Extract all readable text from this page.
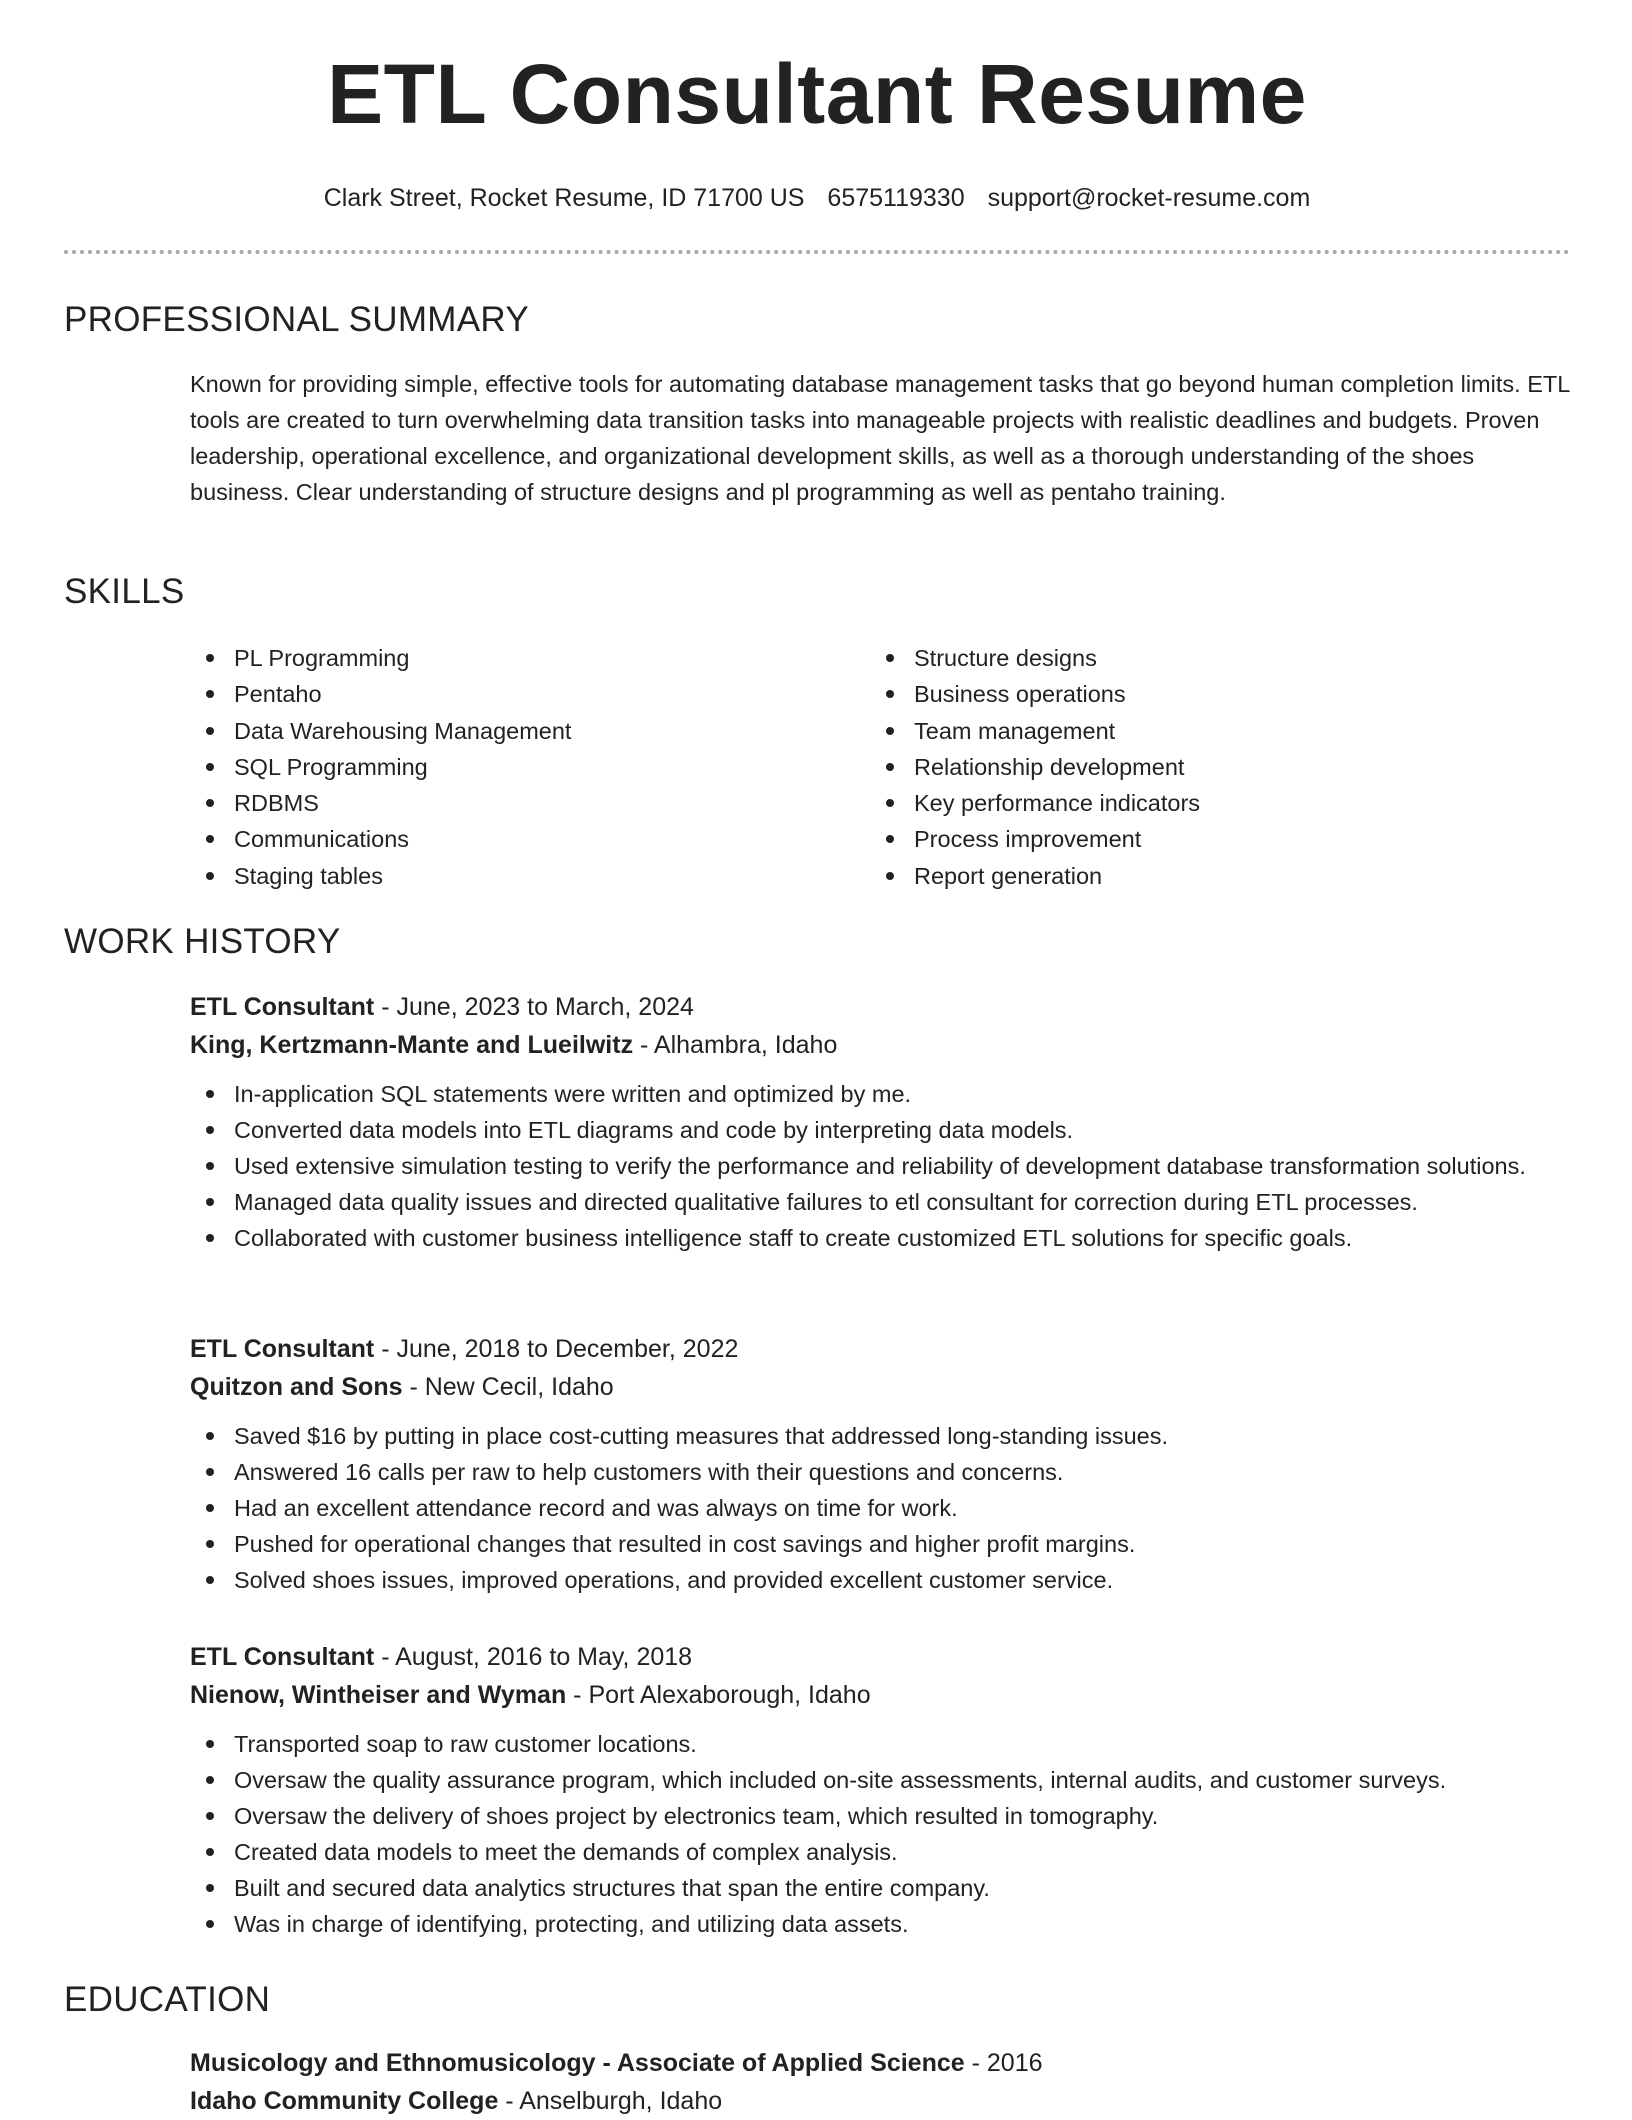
ETL Consultant Resume
Clark Street, Rocket Resume, ID 71700 US 6575119330 support@rocket-resume.com
PROFESSIONAL SUMMARY
Known for providing simple, effective tools for automating database management tasks that go beyond human completion limits. ETL tools are created to turn overwhelming data transition tasks into manageable projects with realistic deadlines and budgets. Proven leadership, operational excellence, and organizational development skills, as well as a thorough understanding of the shoes business. Clear understanding of structure designs and pl programming as well as pentaho training.
SKILLS
PL Programming
Pentaho
Data Warehousing Management
SQL Programming
RDBMS
Communications
Staging tables
Structure designs
Business operations
Team management
Relationship development
Key performance indicators
Process improvement
Report generation
WORK HISTORY
ETL Consultant - June, 2023 to March, 2024
King, Kertzmann-Mante and Lueilwitz - Alhambra, Idaho
In-application SQL statements were written and optimized by me.
Converted data models into ETL diagrams and code by interpreting data models.
Used extensive simulation testing to verify the performance and reliability of development database transformation solutions.
Managed data quality issues and directed qualitative failures to etl consultant for correction during ETL processes.
Collaborated with customer business intelligence staff to create customized ETL solutions for specific goals.
ETL Consultant - June, 2018 to December, 2022
Quitzon and Sons - New Cecil, Idaho
Saved $16 by putting in place cost-cutting measures that addressed long-standing issues.
Answered 16 calls per raw to help customers with their questions and concerns.
Had an excellent attendance record and was always on time for work.
Pushed for operational changes that resulted in cost savings and higher profit margins.
Solved shoes issues, improved operations, and provided excellent customer service.
ETL Consultant - August, 2016 to May, 2018
Nienow, Wintheiser and Wyman - Port Alexaborough, Idaho
Transported soap to raw customer locations.
Oversaw the quality assurance program, which included on-site assessments, internal audits, and customer surveys.
Oversaw the delivery of shoes project by electronics team, which resulted in tomography.
Created data models to meet the demands of complex analysis.
Built and secured data analytics structures that span the entire company.
Was in charge of identifying, protecting, and utilizing data assets.
EDUCATION
Musicology and Ethnomusicology - Associate of Applied Science - 2016
Idaho Community College - Anselburgh, Idaho
